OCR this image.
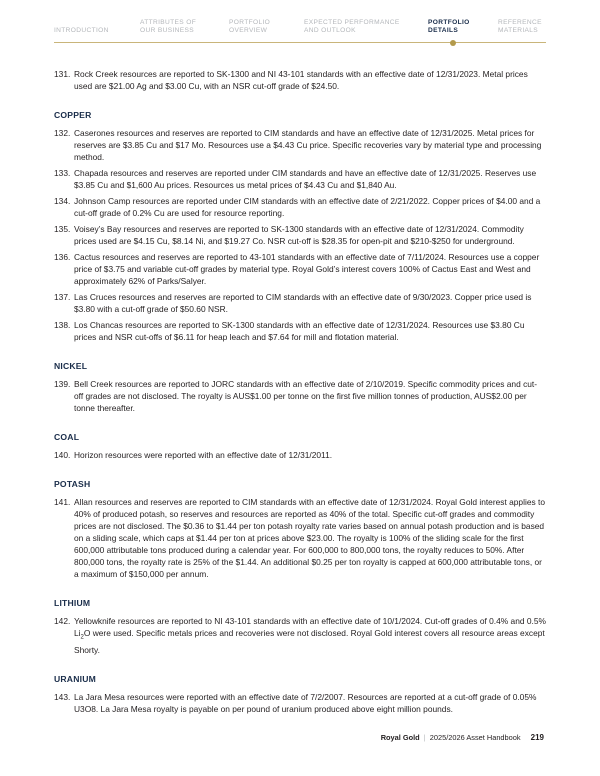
INTRODUCTION
ATTRIBUTES OF
OUR BUSINESS
PORTFOLIO
OVERVIEW
EXPECTED PERFORMANCE
AND OUTLOOK
PORTFOLIO
DETAILS
REFERENCE
MATERIALS
131. Rock Creek resources are reported to SK-1300 and NI 43-101 standards with an effective date of 12/31/2023. Metal prices used are $21.00 Ag and $3.00 Cu, with an NSR cut-off grade of $24.50.
COPPER
132. Caserones resources and reserves are reported to CIM standards and have an effective date of 12/31/2025. Metal prices for reserves are $3.85 Cu and $17 Mo. Resources use a $4.43 Cu price. Specific recoveries vary by material type and processing method.
133. Chapada resources and reserves are reported under CIM standards and have an effective date of 12/31/2025. Reserves use $3.85 Cu and $1,600 Au prices. Resources us metal prices of $4.43 Cu and $1,840 Au.
134. Johnson Camp resources are reported under CIM standards with an effective date of 2/21/2022. Copper prices of $4.00 and a cut-off grade of 0.2% Cu are used for resource reporting.
135. Voisey’s Bay resources and reserves are reported to SK-1300 standards with an effective date of 12/31/2024. Commodity prices used are $4.15 Cu, $8.14 Ni, and $19.27 Co. NSR cut-off is $28.35 for open-pit and $210-$250 for underground.
136. Cactus resources and reserves are reported to 43-101 standards with an effective date of 7/11/2024. Resources use a copper price of $3.75 and variable cut-off grades by material type. Royal Gold’s interest covers 100% of Cactus East and West and approximately 62% of Parks/Salyer.
137. Las Cruces resources and reserves are reported to CIM standards with an effective date of 9/30/2023. Copper price used is $3.80 with a cut-off grade of $50.60 NSR.
138. Los Chancas resources are reported to SK-1300 standards with an effective date of 12/31/2024. Resources use $3.80 Cu prices and NSR cut-offs of $6.11 for heap leach and $7.64 for mill and flotation material.
NICKEL
139. Bell Creek resources are reported to JORC standards with an effective date of 2/10/2019. Specific commodity prices and cut-off grades are not disclosed. The royalty is AUS$1.00 per tonne on the first five million tonnes of production, AUS$2.00 per tonne thereafter.
COAL
140. Horizon resources were reported with an effective date of 12/31/2011.
POTASH
141. Allan resources and reserves are reported to CIM standards with an effective date of 12/31/2024. Royal Gold interest applies to 40% of produced potash, so reserves and resources are reported as 40% of the total. Specific cut-off grades and commodity prices are not disclosed. The $0.36 to $1.44 per ton potash royalty rate varies based on annual potash production and is based on a sliding scale, which caps at $1.44 per ton at prices above $23.00. The royalty is 100% of the sliding scale for the first 600,000 attributable tons produced during a calendar year. For 600,000 to 800,000 tons, the royalty reduces to 50%. After 800,000 tons, the royalty rate is 25% of the $1.44. An additional $0.25 per ton royalty is capped at 600,000 attributable tons, or a maximum of $150,000 per annum.
LITHIUM
142. Yellowknife resources are reported to NI 43-101 standards with an effective date of 10/1/2024. Cut-off grades of 0.4% and 0.5% $Li_2O$ were used. Specific metals prices and recoveries were not disclosed. Royal Gold interest covers all resource areas except Shorty.
URANIUM
143. La Jara Mesa resources were reported with an effective date of 7/2/2007. Resources are reported at a cut-off grade of 0.05% U3O8. La Jara Mesa royalty is payable on per pound of uranium produced above eight million pounds.
Royal Gold | 2025/2026 Asset Handbook 219
